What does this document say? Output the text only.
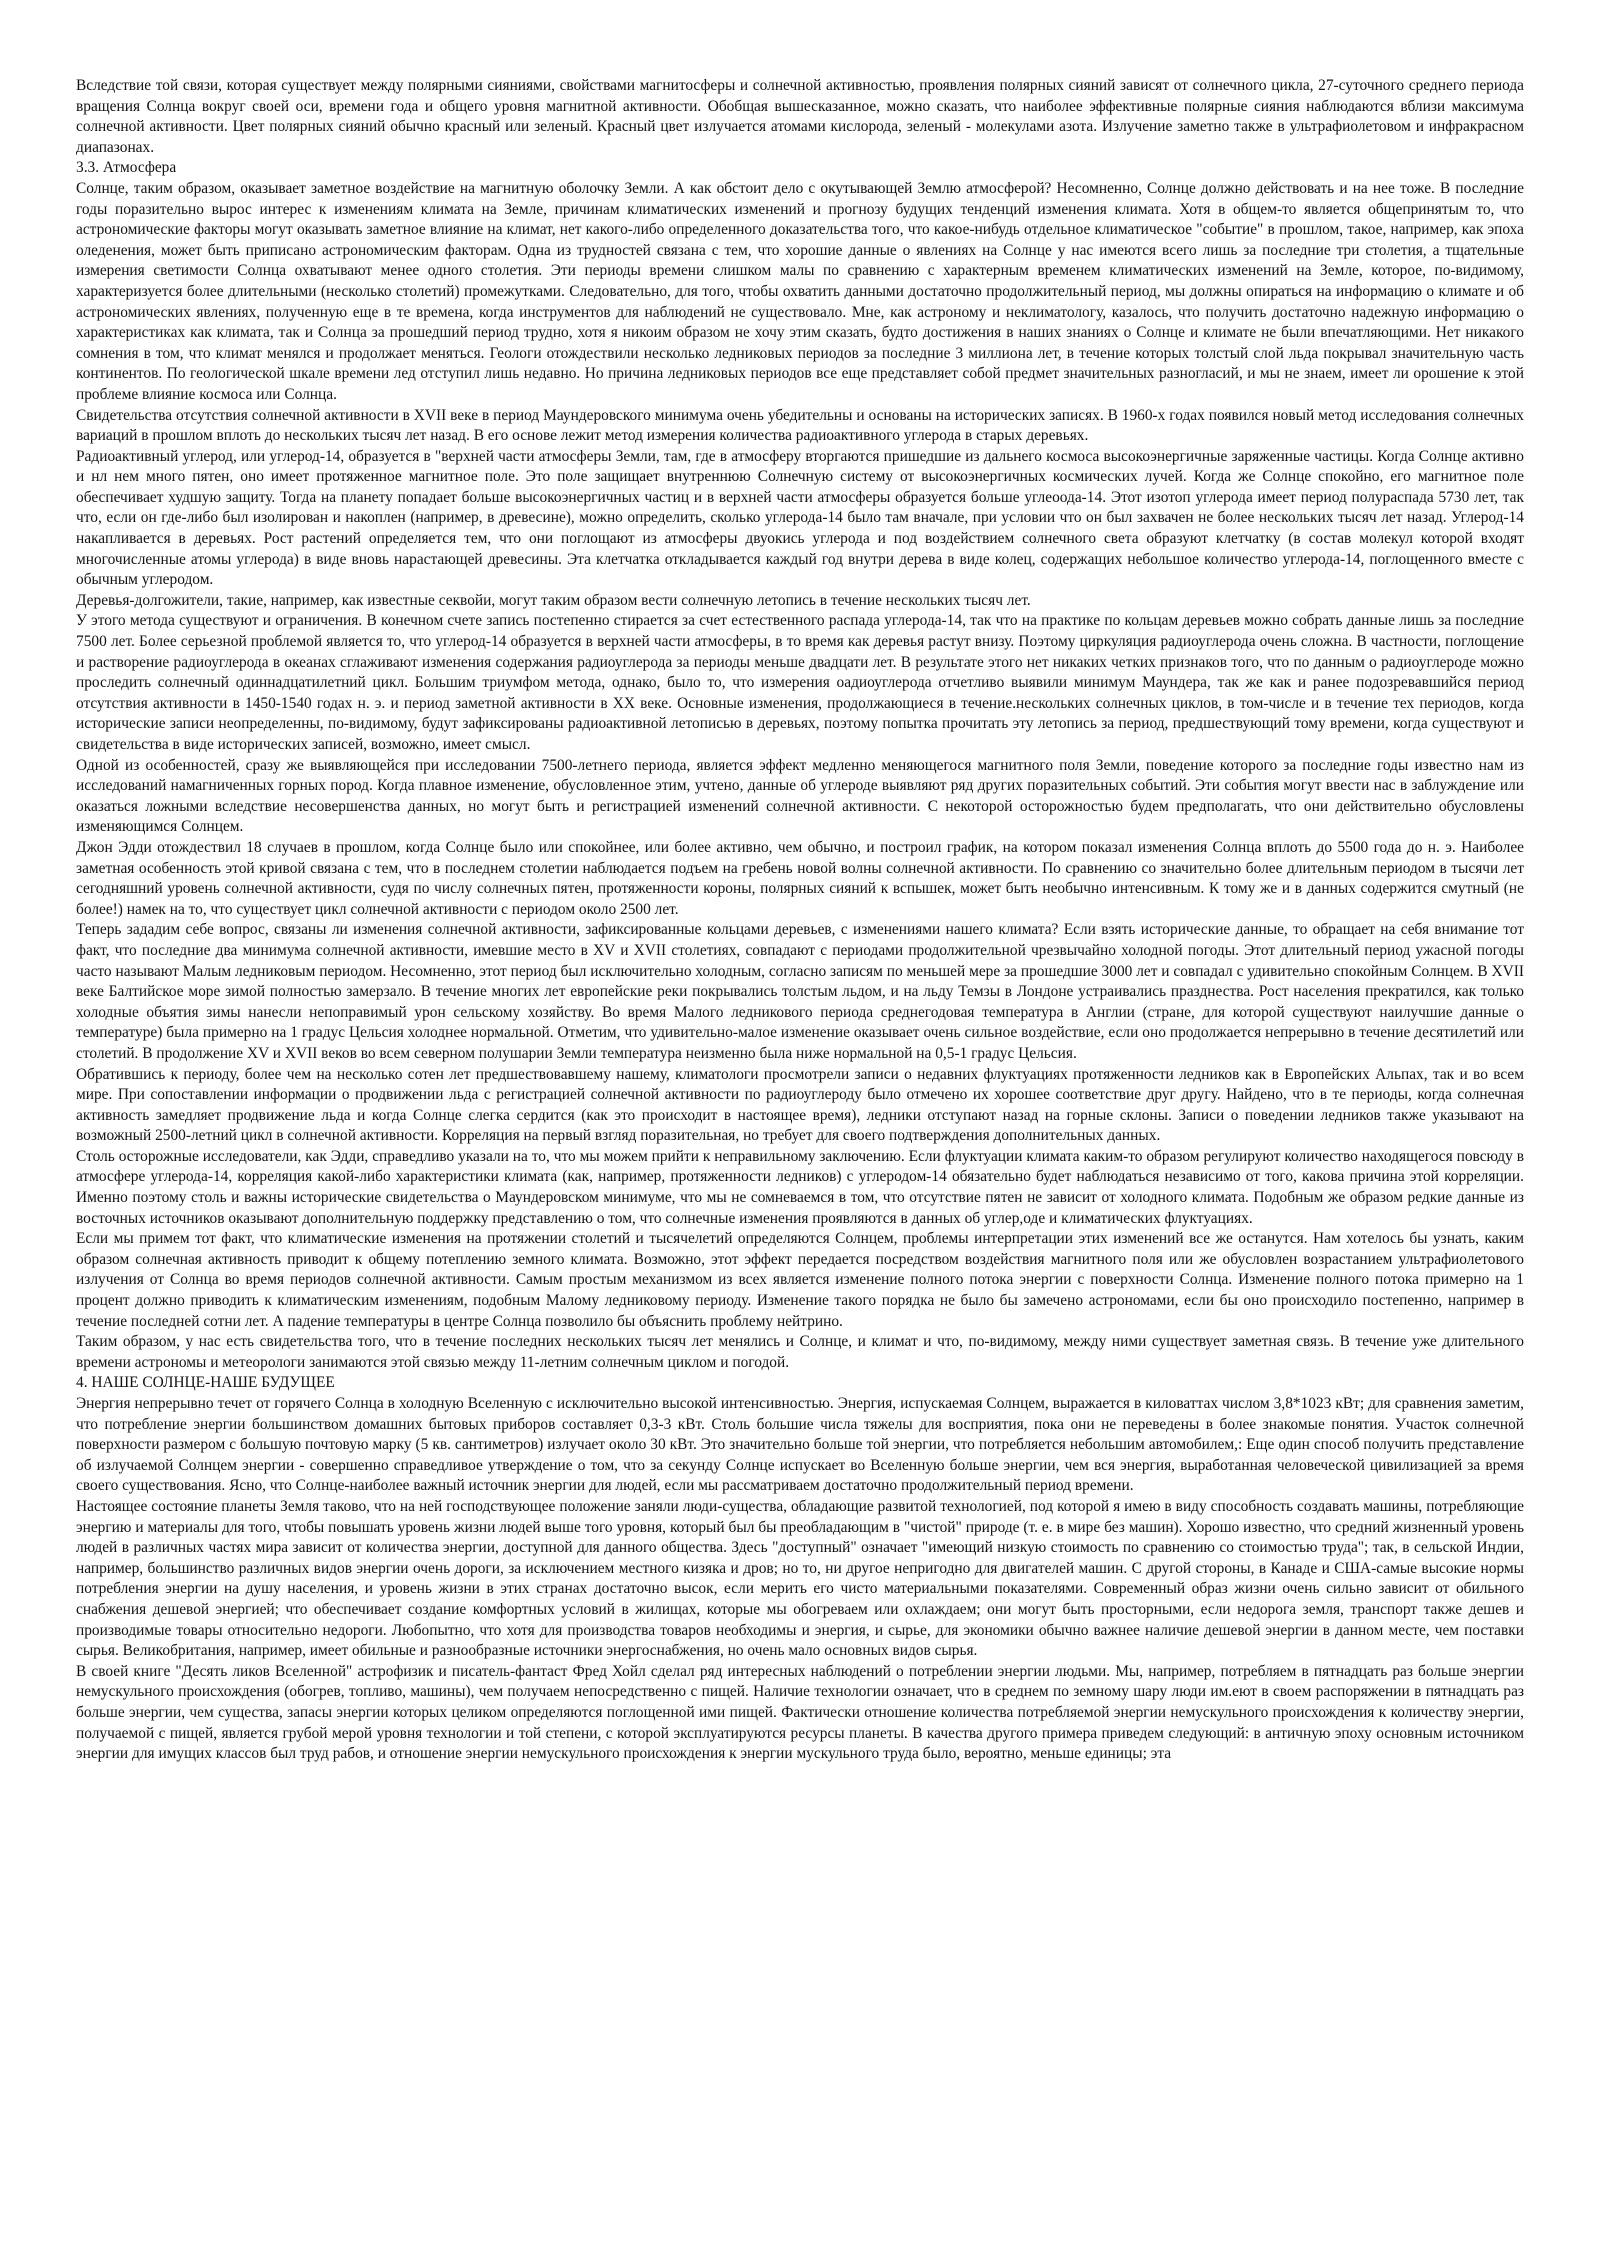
Вследствие той связи, которая существует между полярными сияниями, свойствами магнитосферы и солнечной активностью, проявления полярных сияний зависят от солнечного цикла, 27-суточного среднего периода вращения Солнца вокруг своей оси, времени года и общего уровня магнитной активности. Обобщая вышесказанное, можно сказать, что наиболее эффективные полярные сияния наблюдаются вблизи максимума солнечной активности. Цвет полярных сияний обычно красный или зеленый. Красный цвет излучается атомами кислорода, зеленый - молекулами азота. Излучение заметно также в ультрафиолетовом и инфракрасном диапазонах.

3.3. Атмосфера

Солнце, таким образом, оказывает заметное воздействие на магнитную оболочку Земли. А как обстоит дело с окутывающей Землю атмосферой? Несомненно, Солнце должно действовать и на нее тоже. В последние годы поразительно вырос интерес к изменениям климата на Земле, причинам климатических изменений и прогнозу будущих тенденций изменения климата. Хотя в общем-то является общепринятым то, что астрономические факторы могут оказывать заметное влияние на климат, нет какого-либо определенного доказательства того, что какое-нибудь отдельное климатическое "событие" в прошлом, такое, например, как эпоха оледенения, может быть приписано астрономическим факторам. Одна из трудностей связана с тем, что хорошие данные о явлениях на Солнце у нас имеются всего лишь за последние три столетия, а тщательные измерения светимости Солнца охватывают менее одного столетия. Эти периоды времени слишком малы по сравнению с характерным временем климатических изменений на Земле, которое, по-видимому, характеризуется более длительными (несколько столетий) промежутками. Следовательно, для того, чтобы охватить данными достаточно продолжительный период, мы должны опираться на информацию о климате и об астрономических явлениях, полученную еще в те времена, когда инструментов для наблюдений не существовало. Мне, как астроному и неклиматологу, казалось, что получить достаточно надежную информацию о характеристиках как климата, так и Солнца за прошедший период трудно, хотя я никоим образом не хочу этим сказать, будто достижения в наших знаниях о Солнце и климате не были впечатляющими. Нет никакого сомнения в том, что климат менялся и продолжает меняться. Геологи отождествили несколько ледниковых периодов за последние 3 миллиона лет, в течение которых толстый слой льда покрывал значительную часть континентов. По геологической шкале времени лед отступил лишь недавно. Но причина ледниковых периодов все еще представляет собой предмет значительных разногласий, и мы не знаем, имеет ли орошение к этой проблеме влияние космоса или Солнца.

Свидетельства отсутствия солнечной активности в XVII веке в период Маундеровского минимума очень убедительны и основаны на исторических записях. В 1960-х годах появился новый метод исследования солнечных вариаций в прошлом вплоть до нескольких тысяч лет назад. В его основе лежит метод измерения количества радиоактивного углерода в старых деревьях.

Радиоактивный углерод, или углерод-14, образуется в "верхней части атмосферы Земли, там, где в атмосферу вторгаются пришедшие из дальнего космоса высокоэнергичные заряженные частицы. Когда Солнце активно и нл нем много пятен, оно имеет протяженное магнитное поле. Это поле защищает внутреннюю Солнечную систему от высокоэнергичных космических лучей. Когда же Солнце спокойно, его магнитное поле обеспечивает худшую защиту. Тогда на планету попадает больше высокоэнергичных частиц и в верхней части атмосферы образуется больше углеоода-14. Этот изотоп углерода имеет период полураспада 5730 лет, так что, если он где-либо был изолирован и накоплен (например, в древесине), можно определить, сколько углерода-14 было там вначале, при условии что он был захвачен не более нескольких тысяч лет назад. Углерод-14 накапливается в деревьях. Рост растений определяется тем, что они поглощают из атмосферы двуокись углерода и под воздействием солнечного света образуют клетчатку (в состав молекул которой входят многочисленные атомы углерода) в виде вновь нарастающей древесины. Эта клетчатка откладывается каждый год внутри дерева в виде колец, содержащих небольшое количество углерода-14, поглощенного вместе с обычным углеродом.

Деревья-долгожители, такие, например, как известные секвойи, могут таким образом вести солнечную летопись в течение нескольких тысяч лет.

У этого метода существуют и ограничения. В конечном счете запись постепенно стирается за счет естественного распада углерода-14, так что на практике по кольцам деревьев можно собрать данные лишь за последние 7500 лет. Более серьезной проблемой является то, что углерод-14 образуется в верхней части атмосферы, в то время как деревья растут внизу. Поэтому циркуляция радиоуглерода очень сложна. В частности, поглощение и растворение радиоуглерода в океанах сглаживают изменения содержания радиоуглерода за периоды меньше двадцати лет. В результате этого нет никаких четких признаков того, что по данным о радиоуглероде можно проследить солнечный одиннадцатилетний цикл. Большим триумфом метода, однако, было то, что измерения оадиоуглерода отчетливо выявили минимум Маундера, так же как и ранее подозревавшийся период отсутствия активности в 1450-1540 годах н. э. и период заметной активности в XX веке. Основные изменения, продолжающиеся в течение.нескольких солнечных циклов, в том-числе и в течение тех периодов, когда исторические записи неопределенны, по-видимому, будут зафиксированы радиоактивной летописью в деревьях, поэтому попытка прочитать эту летопись за период, предшествующий тому времени, когда существуют и свидетельства в виде исторических записей, возможно, имеет смысл.

Одной из особенностей, сразу же выявляющейся при исследовании 7500-летнего периода, является эффект медленно меняющегося магнитного поля Земли, поведение которого за последние годы известно нам из исследований намагниченных горных пород. Когда плавное изменение, обусловленное этим, учтено, данные об углероде выявляют ряд других поразительных событий. Эти события могут ввести нас в заблуждение или оказаться ложными вследствие несовершенства данных, но могут быть и регистрацией изменений солнечной активности. С некоторой осторожностью будем предполагать, что они действительно обусловлены изменяющимся Солнцем.

Джон Эдди отождествил 18 случаев в прошлом, когда Солнце было или спокойнее, или более активно, чем обычно, и построил график, на котором показал изменения Солнца вплоть до 5500 года до н. э. Наиболее заметная особенность этой кривой связана с тем, что в последнем столетии наблюдается подъем на гребень новой волны солнечной активности. По сравнению со значительно более длительным периодом в тысячи лет сегодняшний уровень солнечной активности, судя по числу солнечных пятен, протяженности короны, полярных сияний к вспышек, может быть необычно интенсивным. К тому же и в данных содержится смутный (не более!) намек на то, что существует цикл солнечной активности с периодом около 2500 лет.

Теперь зададим себе вопрос, связаны ли изменения солнечной активности, зафиксированные кольцами деревьев, с изменениями нашего климата? Если взять исторические данные, то обращает на себя внимание тот факт, что последние два минимума солнечной активности, имевшие место в XV и XVII столетиях, совпадают с периодами продолжительной чрезвычайно холодной погоды. Этот длительный период ужасной погоды часто называют Малым ледниковым периодом. Несомненно, этот период был исключительно холодным, согласно записям по меньшей мере за прошедшие 3000 лет и совпадал с удивительно спокойным Солнцем. В XVII веке Балтийское море зимой полностью замерзало. В течение многих лет европейские реки покрывались толстым льдом, и на льду Темзы в Лондоне устраивались празднества. Рост населения прекратился, как только холодные объятия зимы нанесли непоправимый урон сельскому хозяйству. Во время Малого ледникового периода среднегодовая температура в Англии (стране, для которой существуют наилучшие данные о температуре) была примерно на 1 градус Цельсия холоднее нормальной. Отметим, что удивительно-малое изменение оказывает очень сильное воздействие, если оно продолжается непрерывно в течение десятилетий или столетий. В продолжение XV и XVII веков во всем северном полушарии Земли температура неизменно была ниже нормальной на 0,5-1 градус Цельсия.

Обратившись к периоду, более чем на несколько сотен лет предшествовавшему нашему, климатологи просмотрели записи о недавних флуктуациях протяженности ледников как в Европейских Альпах, так и во всем мире. При сопоставлении информации о продвижении льда с регистрацией солнечной активности по радиоуглероду было отмечено их хорошее соответствие друг другу. Найдено, что в те периоды, когда солнечная активность замедляет продвижение льда и когда Солнце слегка сердится (как это происходит в настоящее время), ледники отступают назад на горные склоны. Записи о поведении ледников также указывают на возможный 2500-летний цикл в солнечной активности. Корреляция на первый взгляд поразительная, но требует для своего подтверждения дополнительных данных.

Столь осторожные исследователи, как Эдди, справедливо указали на то, что мы можем прийти к неправильному заключению. Если флуктуации климата каким-то образом регулируют количество находящегося повсюду в атмосфере углерода-14, корреляция какой-либо характеристики климата (как, например, протяженности ледников) с углеродом-14 обязательно будет наблюдаться независимо от того, какова причина этой корреляции. Именно поэтому столь и важны исторические свидетельства о Маундеровском минимуме, что мы не сомневаемся в том, что отсутствие пятен не зависит от холодного климата. Подобным же образом редкие данные из восточных источников оказывают дополнительную поддержку представлению о том, что солнечные изменения проявляются в данных об углер,оде и климатических флуктуациях.

Если мы примем тот факт, что климатические изменения на протяжении столетий и тысячелетий определяются Солнцем, проблемы интерпретации этих изменений все же останутся. Нам хотелось бы узнать, каким образом солнечная активность приводит к общему потеплению земного климата. Возможно, этот эффект передается посредством воздействия магнитного поля или же обусловлен возрастанием ультрафиолетового излучения от Солнца во время периодов солнечной активности. Самым простым механизмом из всех является изменение полного потока энергии с поверхности Солнца. Изменение полного потока примерно на 1 процент должно приводить к климатическим изменениям, подобным Малому ледниковому периоду. Изменение такого порядка не было бы замечено астрономами, если бы оно происходило постепенно, например в течение последней сотни лет. А падение температуры в центре Солнца позволило бы объяснить проблему нейтрино.

Таким образом, у нас есть свидетельства того, что в течение последних нескольких тысяч лет менялись и Солнце, и климат и что, по-видимому, между ними существует заметная связь. В течение уже длительного времени астрономы и метеорологи занимаются этой связью между 11-летним солнечным циклом и погодой.

4. НАШЕ СОЛНЦЕ-НАШЕ БУДУЩЕЕ

Энергия непрерывно течет от горячего Солнца в холодную Вселенную с исключительно высокой интенсивностью. Энергия, испускаемая Солнцем, выражается в киловаттах числом 3,8*1023 кВт; для сравнения заметим, что потребление энергии большинством домашних бытовых приборов составляет 0,3-3 кВт. Столь большие числа тяжелы для восприятия, пока они не переведены в более знакомые понятия. Участок солнечной поверхности размером с большую почтовую марку (5 кв. сантиметров) излучает около 30 кВт. Это значительно больше той энергии, что потребляется небольшим автомобилем,: Еще один способ получить представление об излучаемой Солнцем энергии - совершенно справедливое утверждение о том, что за секунду Солнце испускает во Вселенную больше энергии, чем вся энергия, выработанная человеческой цивилизацией за время своего существования. Ясно, что Солнце-наиболее важный источник энергии для людей, если мы рассматриваем достаточно продолжительный период времени.

Настоящее состояние планеты Земля таково, что на ней господствующее положение заняли люди-существа, обладающие развитой технологией, под которой я имею в виду способность создавать машины, потребляющие энергию и материалы для того, чтобы повышать уровень жизни людей выше того уровня, который был бы преобладающим в "чистой" природе (т. е. в мире без машин). Хорошо известно, что средний жизненный уровень людей в различных частях мира зависит от количества энергии, доступной для данного общества. Здесь "доступный" означает "имеющий низкую стоимость по сравнению со стоимостью труда"; так, в сельской Индии, например, большинство различных видов энергии очень дороги, за исключением местного кизяка и дров; но то, ни другое непригодно для двигателей машин. С другой стороны, в Канаде и США-самые высокие нормы потребления энергии на душу населения, и уровень жизни в этих странах достаточно высок, если мерить его чисто материальными показателями. Современный образ жизни очень сильно зависит от обильного снабжения дешевой энергией; что обеспечивает создание комфортных условий в жилищах, которые мы обогреваем или охлаждаем; они могут быть просторными, если недорога земля, транспорт также дешев и производимые товары относительно недороги. Любопытно, что хотя для производства товаров необходимы и энергия, и сырье, для экономики обычно важнее наличие дешевой энергии в данном месте, чем поставки сырья. Великобритания, например, имеет обильные и разнообразные источники энергоснабжения, но очень мало основных видов сырья.

В своей книге "Десять ликов Вселенной" астрофизик и писатель-фантаст Фред Хойл сделал ряд интересных наблюдений о потреблении энергии людьми. Мы, например, потребляем в пятнадцать раз больше энергии немускульного происхождения (обогрев, топливо, машины), чем получаем непосредственно с пищей. Наличие технологии означает, что в среднем по земному шару люди им.еют в своем распоряжении в пятнадцать раз больше энергии, чем существа, запасы энергии которых целиком определяются поглощенной ими пищей. Фактически отношение количества потребляемой энергии немускульного происхождения к количеству энергии, получаемой с пищей, является грубой мерой уровня технологии и той степени, с которой эксплуатируются ресурсы планеты. В качества другого примера приведем следующий: в античную эпоху основным источником энергии для имущих классов был труд рабов, и отношение энергии немускульного происхождения к энергии мускульного труда было, вероятно, меньше единицы; эта
